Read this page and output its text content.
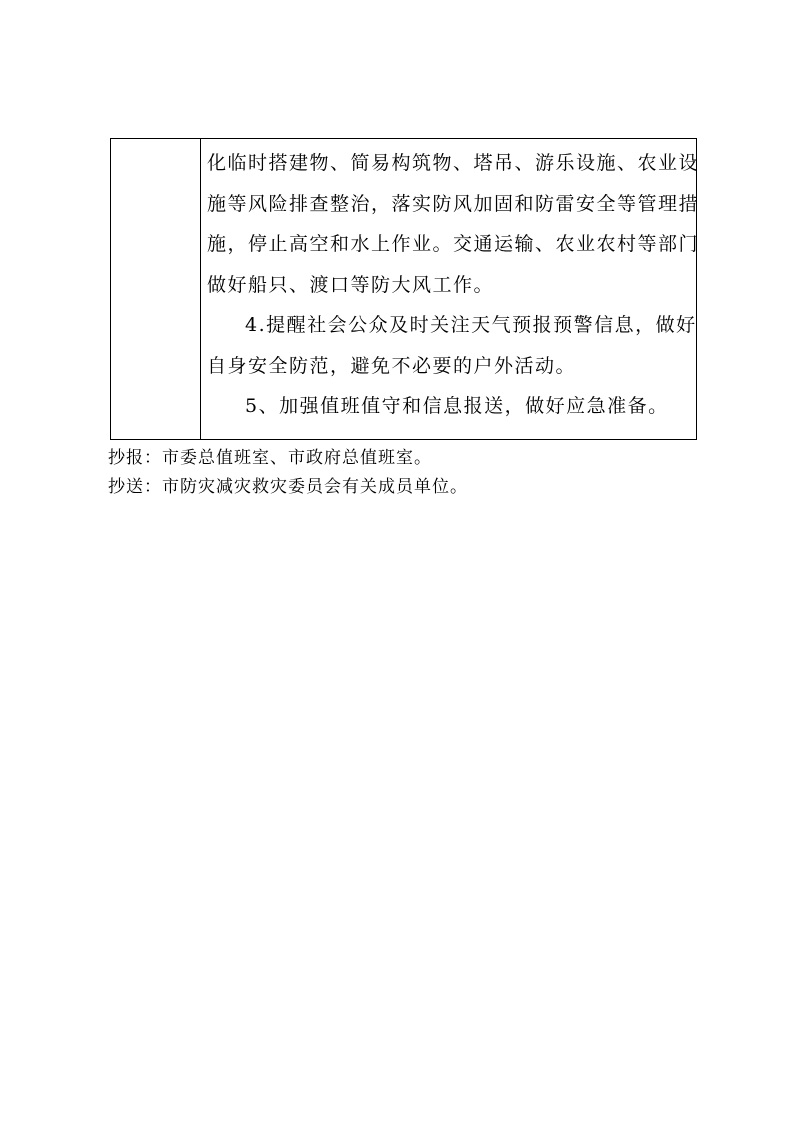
化临时搭建物、简易构筑物、塔吊、游乐设施、农业设

施等风险排查整治，落实防风加固和防雷安全等管理措

施，停止高空和水上作业。交通运输、农业农村等部门

做好船只、渡口等防大风工作。

4.提醒社会公众及时关注天气预报预警信息，做好

自身安全防范，避免不必要的户外活动。

5、加强值班值守和信息报送，做好应急准备。

抄报：市委总值班室、市政府总值班室。

抄送：市防灾减灾救灾委员会有关成员单位。
